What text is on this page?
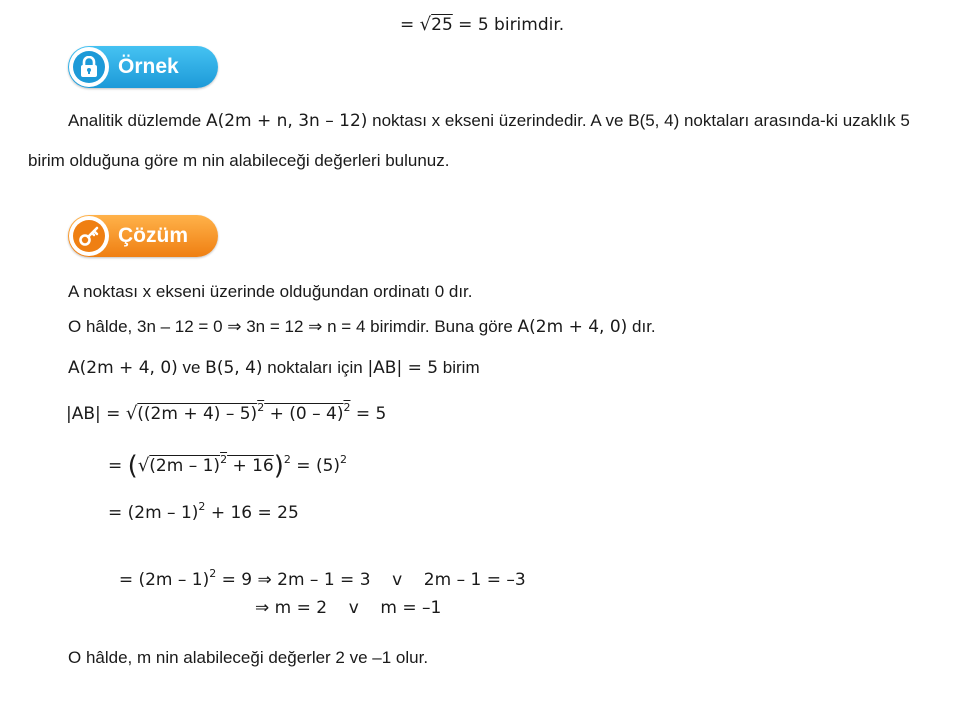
= √25 = 5 birimdir.
Örnek
Analitik düzlemde A(2m + n, 3n – 12) noktası x ekseni üzerindedir. A ve B(5, 4) noktaları arasında-ki uzaklık 5 birim olduğuna göre m nin alabileceği değerleri bulunuz.
Çözüm
A noktası x ekseni üzerinde olduğundan ordinatı 0 dır.
O hâlde, 3n – 12 = 0 ⇒ 3n = 12 ⇒ n = 4 birimdir. Buna göre A(2m + 4, 0) dır.
A(2m + 4, 0) ve B(5, 4) noktaları için |AB| = 5 birim
$|AB| = √((2m + 4) - 5)^2 + (0 - 4)^2 = 5$
= $(√(2m - 1)^2 + 16)^2 = (5)^2$
= (2m – 1)$^2$ + 16 = 25

= (2m – 1)$^2$ = 9 ⇒ 2m – 1 = 3    v    2m – 1 = –3

⇒ m = 2    v    m = –1
O hâlde, m nin alabileceği değerler 2 ve –1 olur.
